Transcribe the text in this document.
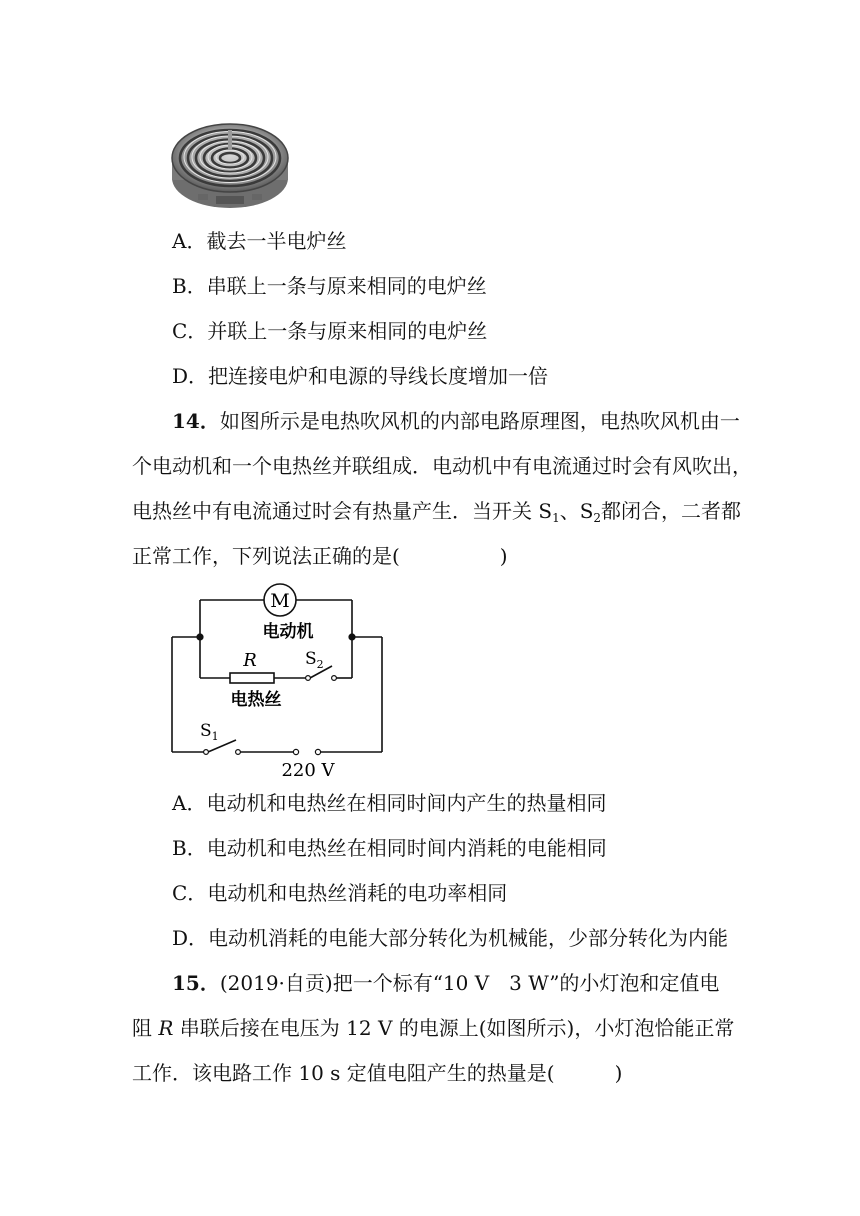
A．截去一半电炉丝
B．串联上一条与原来相同的电炉丝
C．并联上一条与原来相同的电炉丝
D．把连接电炉和电源的导线长度增加一倍
14．如图所示是电热吹风机的内部电路原理图，电热吹风机由一
个电动机和一个电热丝并联组成．电动机中有电流通过时会有风吹出，
电热丝中有电流通过时会有热量产生．当开关 $S_1$、$S_2$都闭合，二者都
正常工作，下列说法正确的是(　　　　　)
M
R
电动机
电热丝
$S_2$
$S_1$
220 V
A．电动机和电热丝在相同时间内产生的热量相同
B．电动机和电热丝在相同时间内消耗的电能相同
C．电动机和电热丝消耗的电功率相同
D．电动机消耗的电能大部分转化为机械能，少部分转化为内能
15．(2019·自贡)把一个标有“10 V　3 W”的小灯泡和定值电
阻 R 串联后接在电压为 12 V 的电源上(如图所示)，小灯泡恰能正常
工作．该电路工作 10 s 定值电阻产生的热量是(　　　)
